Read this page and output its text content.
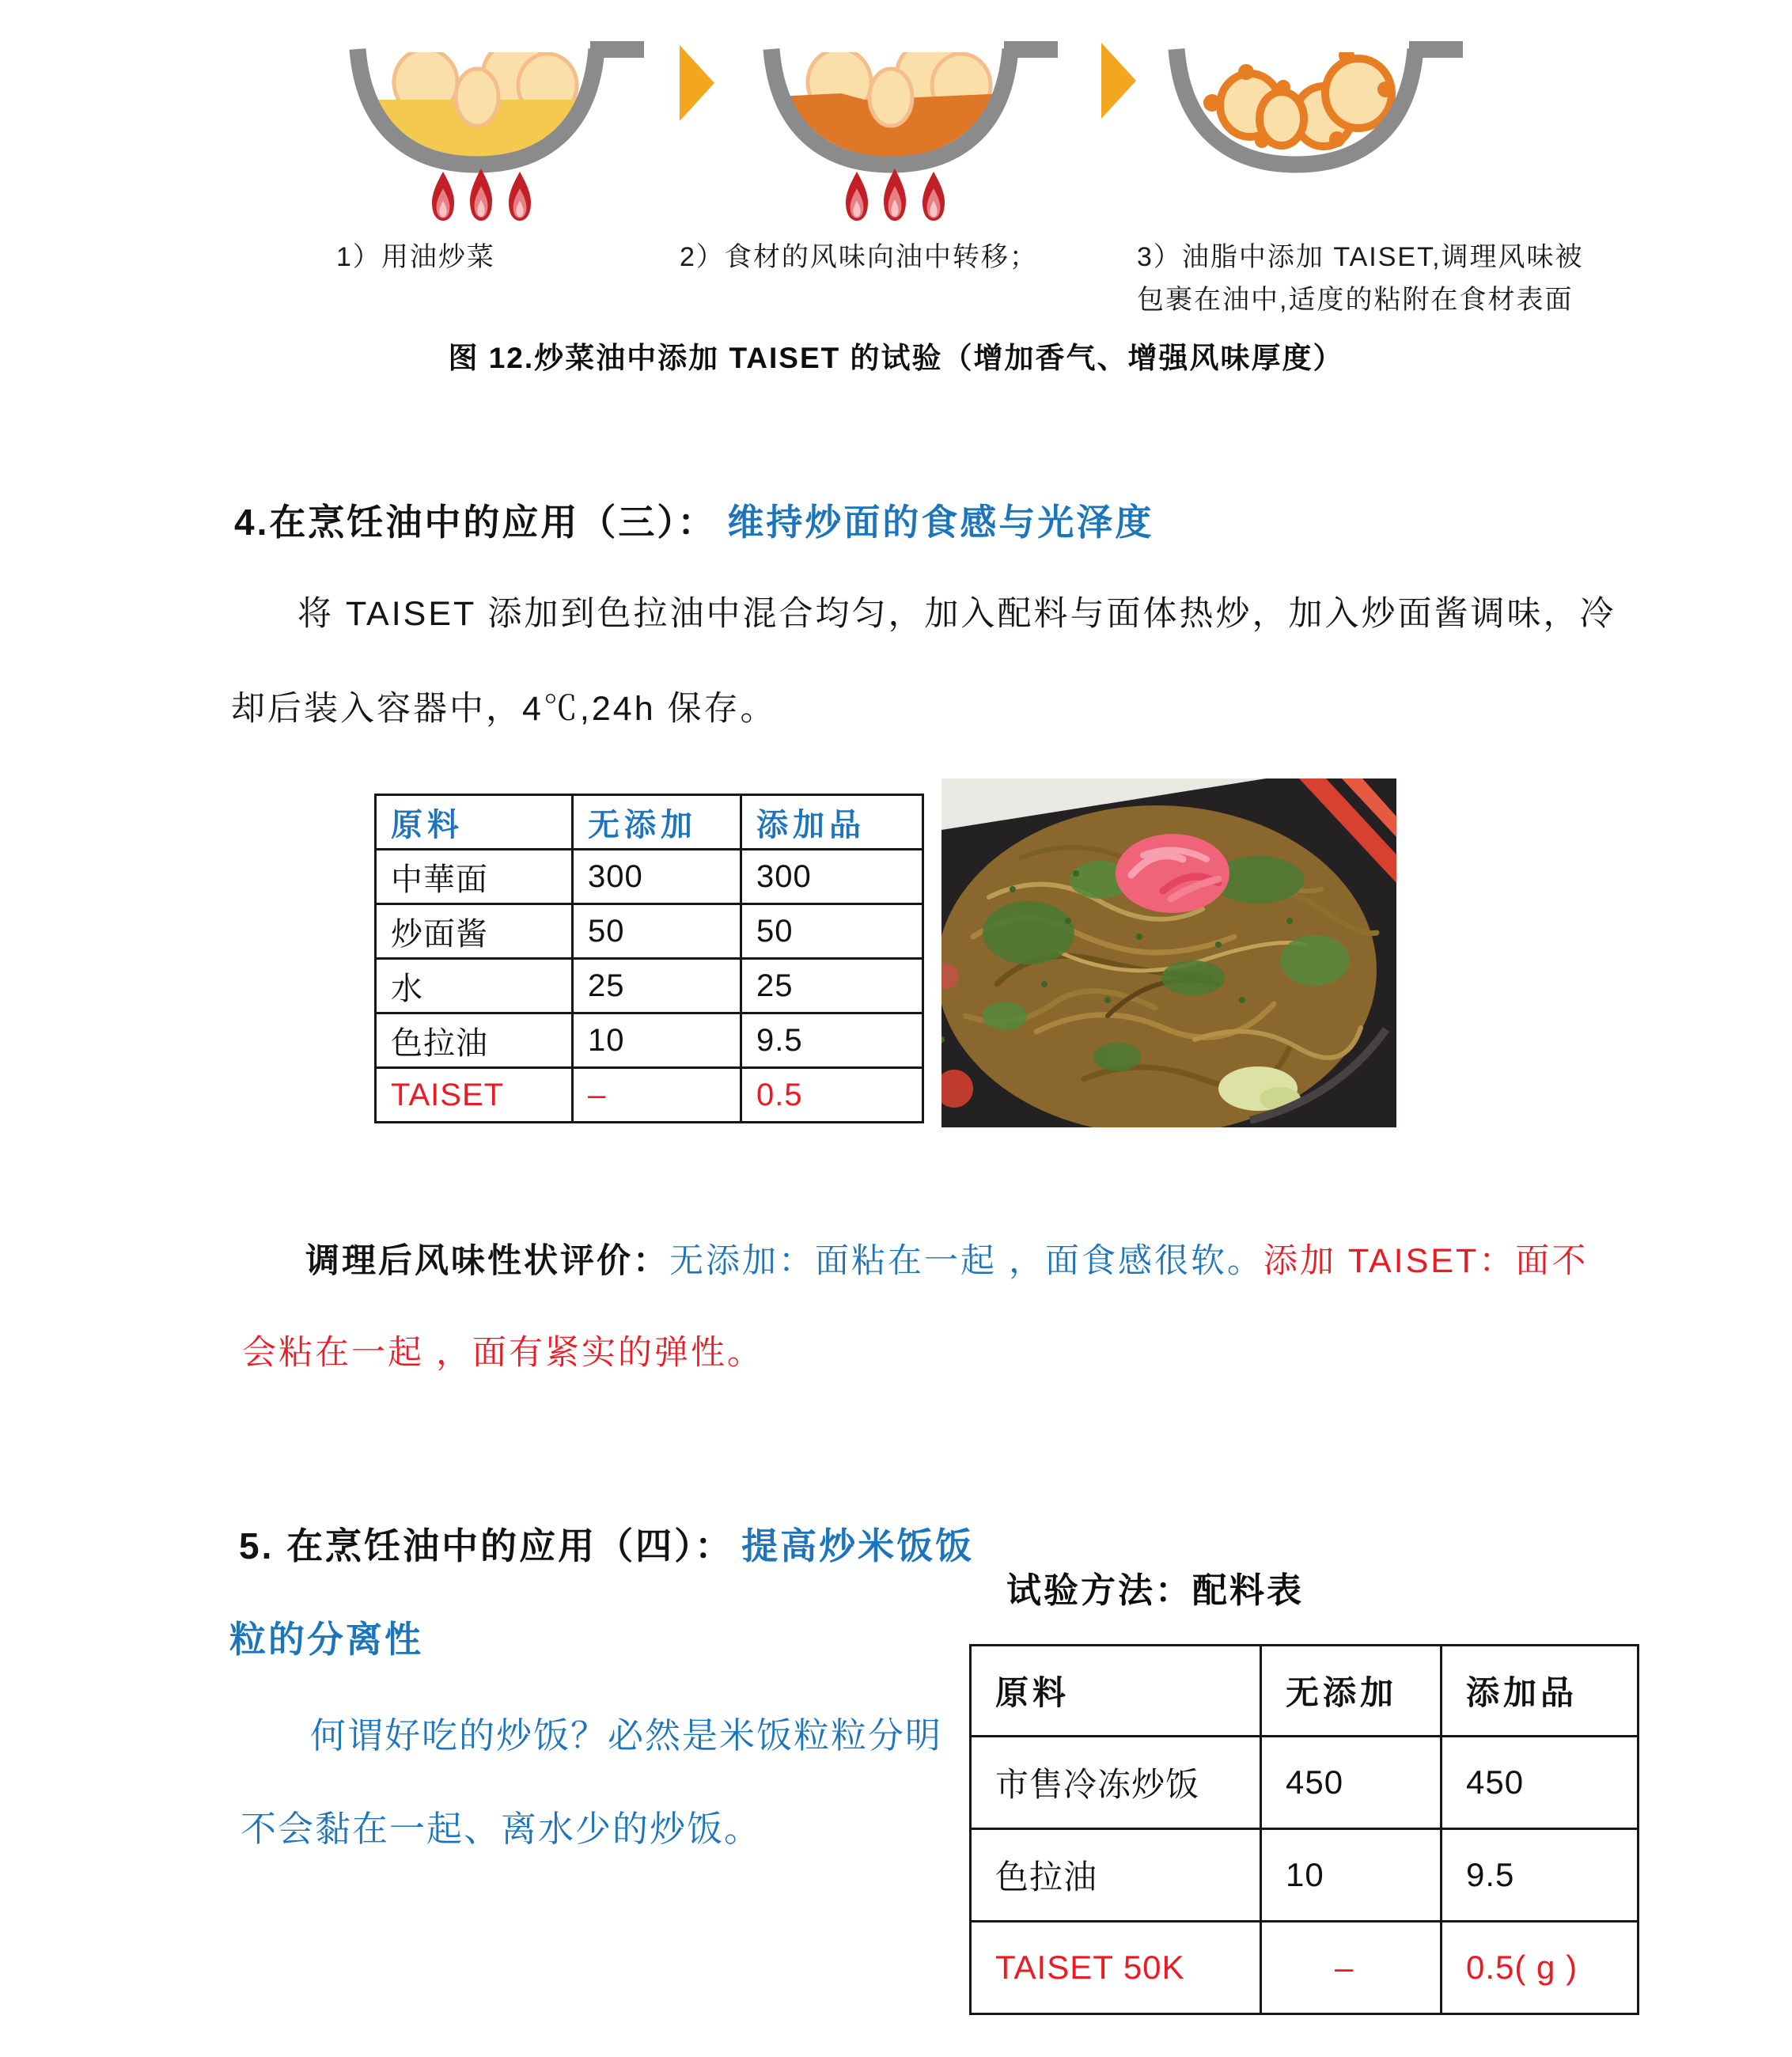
1）用油炒菜	2）食材的风味向油中转移；	3）油脂中添加 TAISET,调理风味被
包裹在油中,适度的粘附在食材表面
图 12.炒菜油中添加 TAISET 的试验（增加香气、增强风味厚度）
4.在烹饪油中的应用（三）： 维持炒面的食感与光泽度
将 TAISET 添加到色拉油中混合均匀，加入配料与面体热炒，加入炒面酱调味，冷
却后装入容器中，4℃,24h 保存。
原料	无添加	添加品
中華面	300	300
炒面酱	50	50
水	25	25
色拉油	10	9.5
TAISET	–	0.5
调理后风味性状评价：无添加：面粘在一起 ，面食感很软。添加 TAISET：面不
会粘在一起 ，面有紧实的弹性。
5. 在烹饪油中的应用（四）： 提高炒米饭饭
粒的分离性
试验方法：配料表
何谓好吃的炒饭？必然是米饭粒粒分明
不会黏在一起、离水少的炒饭。
原料	无添加	添加品
市售冷冻炒饭	450	450
色拉油	10	9.5
TAISET 50K	–	0.5( g )
